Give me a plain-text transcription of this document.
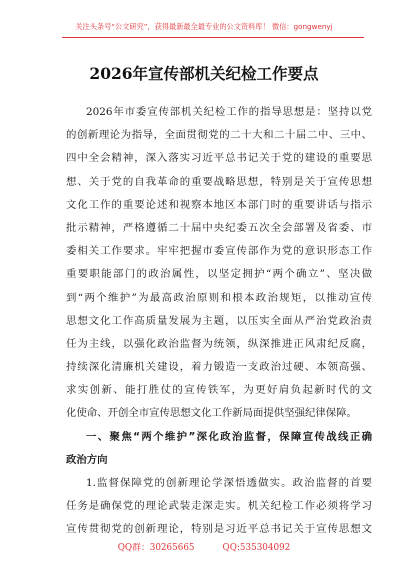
关注头条号“公文研究”，获得最新最全最专业的公文资料库！ 微信：gongwenyj
2026年宣传部机关纪检工作要点
2026年市委宣传部机关纪检工作的指导思想是：坚持以党
的创新理论为指导，全面贯彻党的二十大和二十届二中、三中、
四中全会精神，深入落实习近平总书记关于党的建设的重要思
想、关于党的自我革命的重要战略思想，特别是关于宣传思想
文化工作的重要论述和视察本地区本部门时的重要讲话与指示
批示精神，严格遵循二十届中央纪委五次全会部署及省委、市
委相关工作要求。牢牢把握市委宣传部作为党的意识形态工作
重要职能部门的政治属性，以坚定拥护“两个确立”、坚决做
到“两个维护”为最高政治原则和根本政治规矩，以推动宣传
思想文化工作高质量发展为主题，以压实全面从严治党政治责
任为主线，以强化政治监督为统领，纵深推进正风肃纪反腐，
持续深化清廉机关建设，着力锻造一支政治过硬、本领高强、
求实创新、能打胜仗的宣传铁军，为更好肩负起新时代的文
化使命、开创全市宣传思想文化工作新局面提供坚强纪律保障。
一、聚焦“两个维护”深化政治监督，保障宣传战线正确
政治方向
1.监督保障党的创新理论学深悟透做实。政治监督的首要
任务是确保党的理论武装走深走实。机关纪检工作必须将学习
宣传贯彻党的创新理论，特别是习近平总书记关于宣传思想文
QQ群：30265665	QQ:535304092
